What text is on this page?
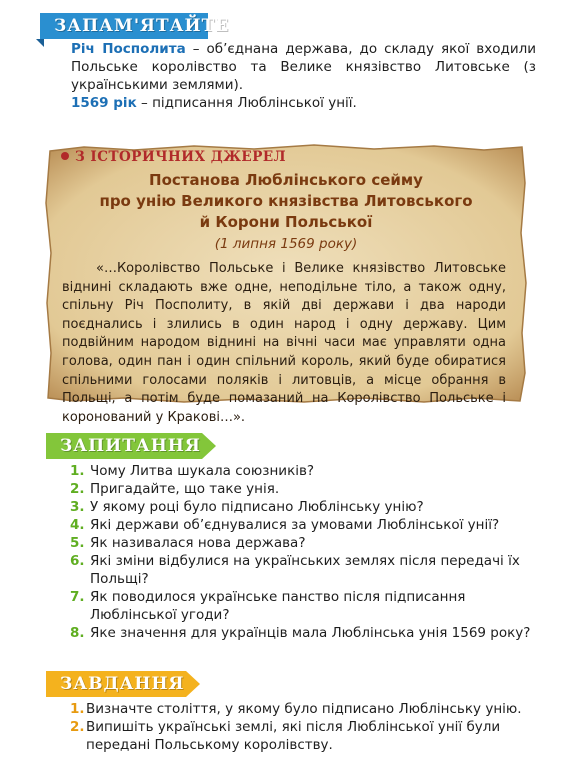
ЗАПАМ'ЯТАЙТЕ
Річ Посполита – об’єднана держава, до складу якої входили Польське королівство та Велике князівство Литовське (з українськими землями).
1569 рік – підписання Люблінської унії.
З ІСТОРИЧНИХ ДЖЕРЕЛ
Постанова Люблінського сейму
про унію Великого князівства Литовського
й Корони Польської
(1 липня 1569 року)
«…Королівство Польське і Велике князівство Литовське віднині складають вже одне, неподільне тіло, а також одну, спільну Річ Посполиту, в якій дві держави і два народи поєднались і злились в один народ і одну державу. Цим подвійним народом віднині на вічні часи має управляти одна голова, один пан і один спільний король, який буде обиратися спільними голосами поляків і литовців, а місце обрання в Польщі, а потім буде помазаний на Королівство Польське і коронований у Кракові…».
ЗАПИТАННЯ
1. Чому Литва шукала союзників?
2. Пригадайте, що таке унія.
3. У якому році було підписано Люблінську унію?
4. Які держави об’єднувалися за умовами Люблінської унії?
5. Як називалася нова держава?
6. Які зміни відбулися на українських землях після передачі їх Польщі?
7. Як поводилося українське панство після підписання Люблінської угоди?
8. Яке значення для українців мала Люблінська унія 1569 року?
ЗАВДАННЯ
1. Визначте століття, у якому було підписано Люблінську унію.
2. Випишіть українські землі, які після Люблінської унії були передані Польському королівству.
